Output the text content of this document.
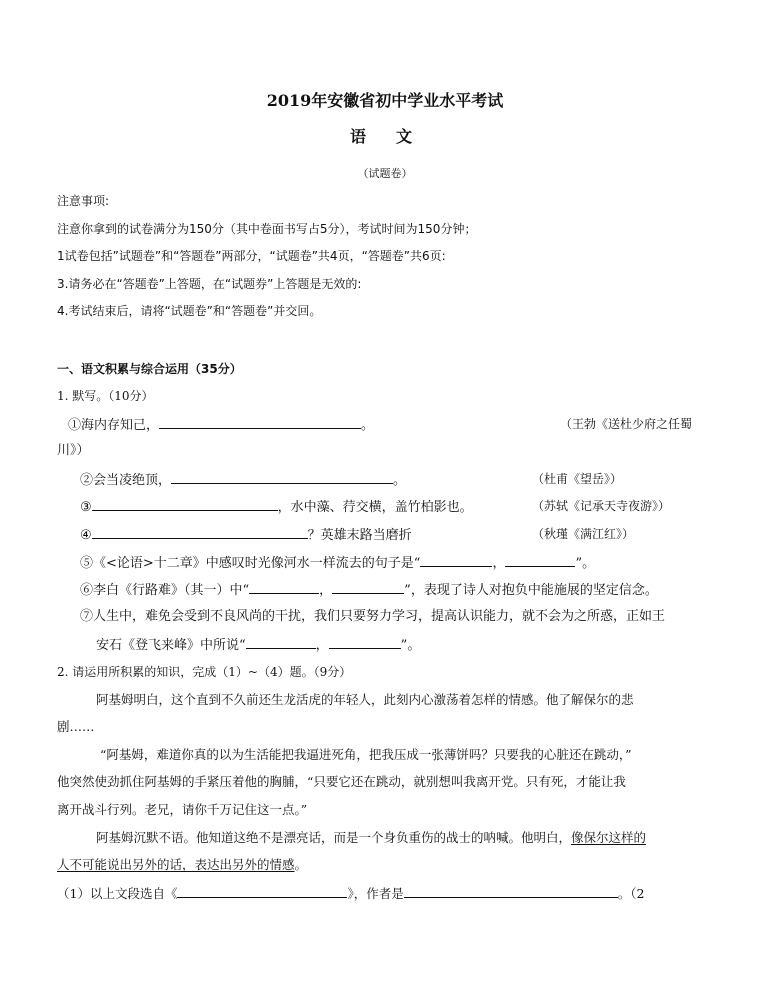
2019年安徽省初中学业水平考试
语文
（试题卷）
注意事项:
注意你拿到的试卷满分为150分（其中卷面书写占5分），考试时间为150分钟；
1试卷包括”试题卷”和“答题卷”两部分，“试题卷”共4页，“答题卷”共6页:
3.请务必在“答题卷”上答题，在“试题券”上答题是无效的:
4.考试结束后，请将“试题卷”和“答题卷”并交回。
一、语文积累与综合运用（35分）
1. 默写。（10分）
①海内存知己，	。	（王勃《送杜少府之任蜀
川》）
②会当凌绝顶，	。	（杜甫《望岳》）
③	，水中藻、荇交横，盖竹柏影也。	（苏轼《记承天寺夜游》）
④	？英雄末路当磨折	（秋瑾《满江红》）
⑤《<论语>十二章》中感叹时光像河水一样流去的句子是“	，	”。
⑥李白《行路难》（其一）中“	，	”，表现了诗人对抱负中能施展的坚定信念。
⑦人生中，难免会受到不良风尚的干扰，我们只要努力学习，提高认识能力，就不会为之所惑，正如王
安石《登飞来峰》中所说“	，	”。
2. 请运用所积累的知识，完成（1）~（4）题。（9分）
阿基姆明白，这个直到不久前还生龙活虎的年轻人，此刻内心激荡着怎样的情感。他了解保尔的悲
剧……
“阿基姆，难道你真的以为生活能把我逼进死角，把我压成一张薄饼吗？只要我的心脏还在跳动，”
他突然使劲抓住阿基姆的手紧压着他的胸脯，“只要它还在跳动，就别想叫我离开党。只有死，才能让我
离开战斗行列。老兄，请你千万记住这一点。”
阿基姆沉默不语。他知道这绝不是漂亮话，而是一个身负重伤的战士的呐喊。他明白，像保尔这样的
人不可能说出另外的话，表达出另外的情感。
（1）以上文段选自《	》，作者是	。（2
